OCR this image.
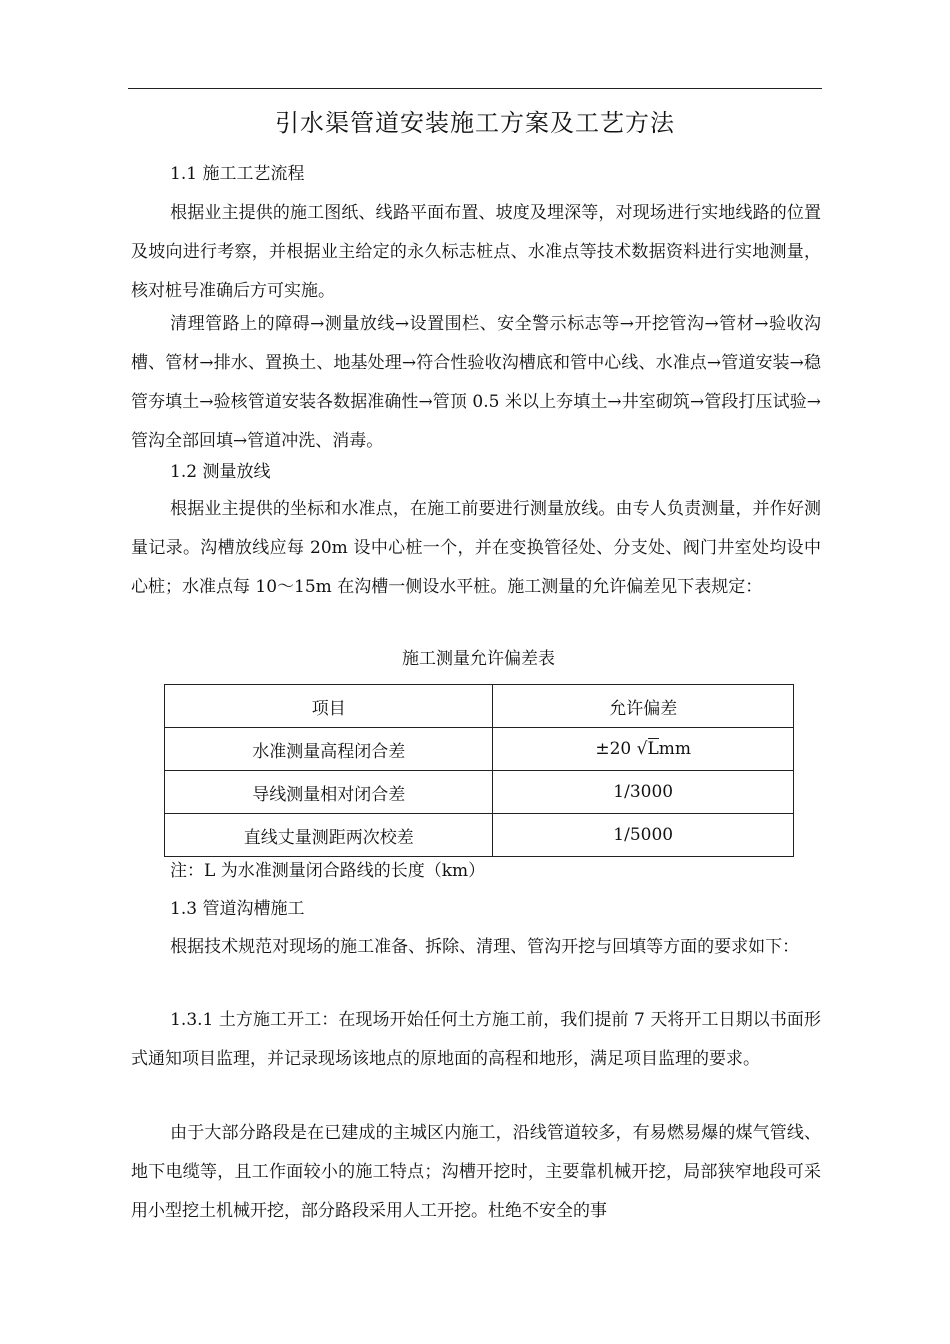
引水渠管道安装施工方案及工艺方法
1.1 施工工艺流程
根据业主提供的施工图纸、线路平面布置、坡度及埋深等，对现场进行实地线路的位置及坡向进行考察，并根据业主给定的永久标志桩点、水准点等技术数据资料进行实地测量，核对桩号准确后方可实施。
清理管路上的障碍→测量放线→设置围栏、安全警示标志等→开挖管沟→管材→验收沟槽、管材→排水、置换土、地基处理→符合性验收沟槽底和管中心线、水准点→管道安装→稳管夯填土→验核管道安装各数据准确性→管顶 0.5 米以上夯填土→井室砌筑→管段打压试验→管沟全部回填→管道冲洗、消毒。
1.2 测量放线
根据业主提供的坐标和水准点，在施工前要进行测量放线。由专人负责测量，并作好测量记录。沟槽放线应每 20m 设中心桩一个，并在变换管径处、分支处、阀门井室处均设中心桩；水准点每 10～15m 在沟槽一侧设水平桩。施工测量的允许偏差见下表规定：
施工测量允许偏差表
项目	允许偏差
水准测量高程闭合差	±20 √Lmm
导线测量相对闭合差	1/3000
直线丈量测距两次校差	1/5000
注：L 为水准测量闭合路线的长度（km）
1.3 管道沟槽施工
根据技术规范对现场的施工准备、拆除、清理、管沟开挖与回填等方面的要求如下：
1.3.1 土方施工开工：在现场开始任何土方施工前，我们提前 7 天将开工日期以书面形式通知项目监理，并记录现场该地点的原地面的高程和地形，满足项目监理的要求。
由于大部分路段是在已建成的主城区内施工，沿线管道较多，有易燃易爆的煤气管线、地下电缆等，且工作面较小的施工特点；沟槽开挖时，主要靠机械开挖，局部狭窄地段可采用小型挖土机械开挖，部分路段采用人工开挖。杜绝不安全的事
